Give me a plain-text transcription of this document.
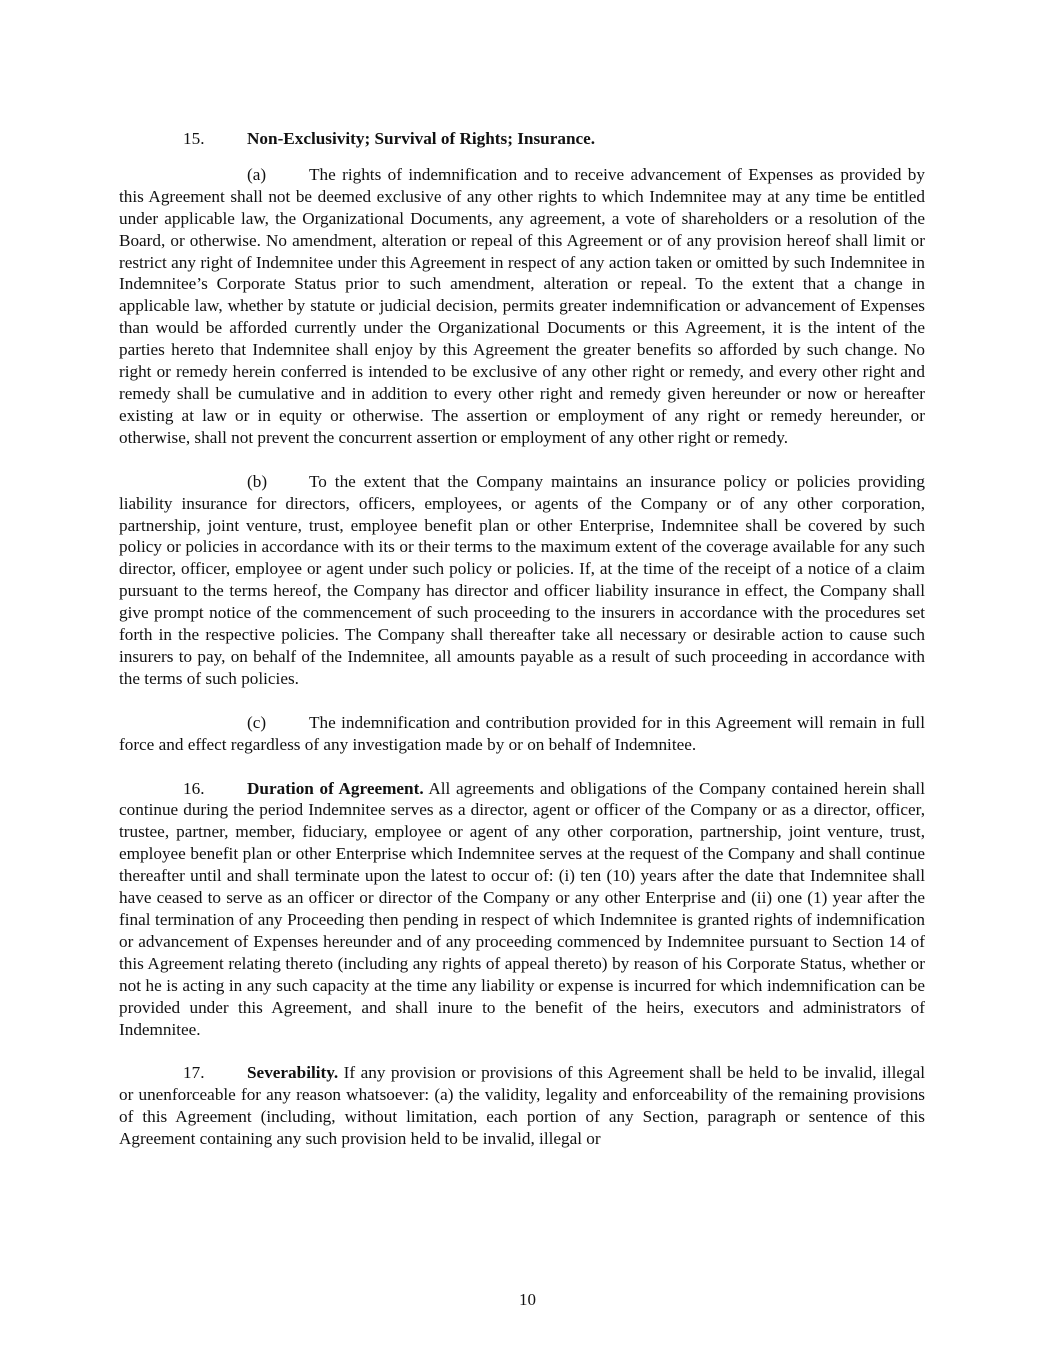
15. Non-Exclusivity; Survival of Rights; Insurance.

(a) The rights of indemnification and to receive advancement of Expenses as provided by this Agreement shall not be deemed exclusive of any other rights to which Indemnitee may at any time be entitled under applicable law, the Organizational Documents, any agreement, a vote of shareholders or a resolution of the Board, or otherwise. No amendment, alteration or repeal of this Agreement or of any provision hereof shall limit or restrict any right of Indemnitee under this Agreement in respect of any action taken or omitted by such Indemnitee in Indemnitee’s Corporate Status prior to such amendment, alteration or repeal. To the extent that a change in applicable law, whether by statute or judicial decision, permits greater indemnification or advancement of Expenses than would be afforded currently under the Organizational Documents or this Agreement, it is the intent of the parties hereto that Indemnitee shall enjoy by this Agreement the greater benefits so afforded by such change. No right or remedy herein conferred is intended to be exclusive of any other right or remedy, and every other right and remedy shall be cumulative and in addition to every other right and remedy given hereunder or now or hereafter existing at law or in equity or otherwise. The assertion or employment of any right or remedy hereunder, or otherwise, shall not prevent the concurrent assertion or employment of any other right or remedy.

(b) To the extent that the Company maintains an insurance policy or policies providing liability insurance for directors, officers, employees, or agents of the Company or of any other corporation, partnership, joint venture, trust, employee benefit plan or other Enterprise, Indemnitee shall be covered by such policy or policies in accordance with its or their terms to the maximum extent of the coverage available for any such director, officer, employee or agent under such policy or policies. If, at the time of the receipt of a notice of a claim pursuant to the terms hereof, the Company has director and officer liability insurance in effect, the Company shall give prompt notice of the commencement of such proceeding to the insurers in accordance with the procedures set forth in the respective policies. The Company shall thereafter take all necessary or desirable action to cause such insurers to pay, on behalf of the Indemnitee, all amounts payable as a result of such proceeding in accordance with the terms of such policies.

(c) The indemnification and contribution provided for in this Agreement will remain in full force and effect regardless of any investigation made by or on behalf of Indemnitee.

16. Duration of Agreement. All agreements and obligations of the Company contained herein shall continue during the period Indemnitee serves as a director, agent or officer of the Company or as a director, officer, trustee, partner, member, fiduciary, employee or agent of any other corporation, partnership, joint venture, trust, employee benefit plan or other Enterprise which Indemnitee serves at the request of the Company and shall continue thereafter until and shall terminate upon the latest to occur of: (i) ten (10) years after the date that Indemnitee shall have ceased to serve as an officer or director of the Company or any other Enterprise and (ii) one (1) year after the final termination of any Proceeding then pending in respect of which Indemnitee is granted rights of indemnification or advancement of Expenses hereunder and of any proceeding commenced by Indemnitee pursuant to Section 14 of this Agreement relating thereto (including any rights of appeal thereto) by reason of his Corporate Status, whether or not he is acting in any such capacity at the time any liability or expense is incurred for which indemnification can be provided under this Agreement, and shall inure to the benefit of the heirs, executors and administrators of Indemnitee.

17. Severability. If any provision or provisions of this Agreement shall be held to be invalid, illegal or unenforceable for any reason whatsoever: (a) the validity, legality and enforceability of the remaining provisions of this Agreement (including, without limitation, each portion of any Section, paragraph or sentence of this Agreement containing any such provision held to be invalid, illegal or

10
